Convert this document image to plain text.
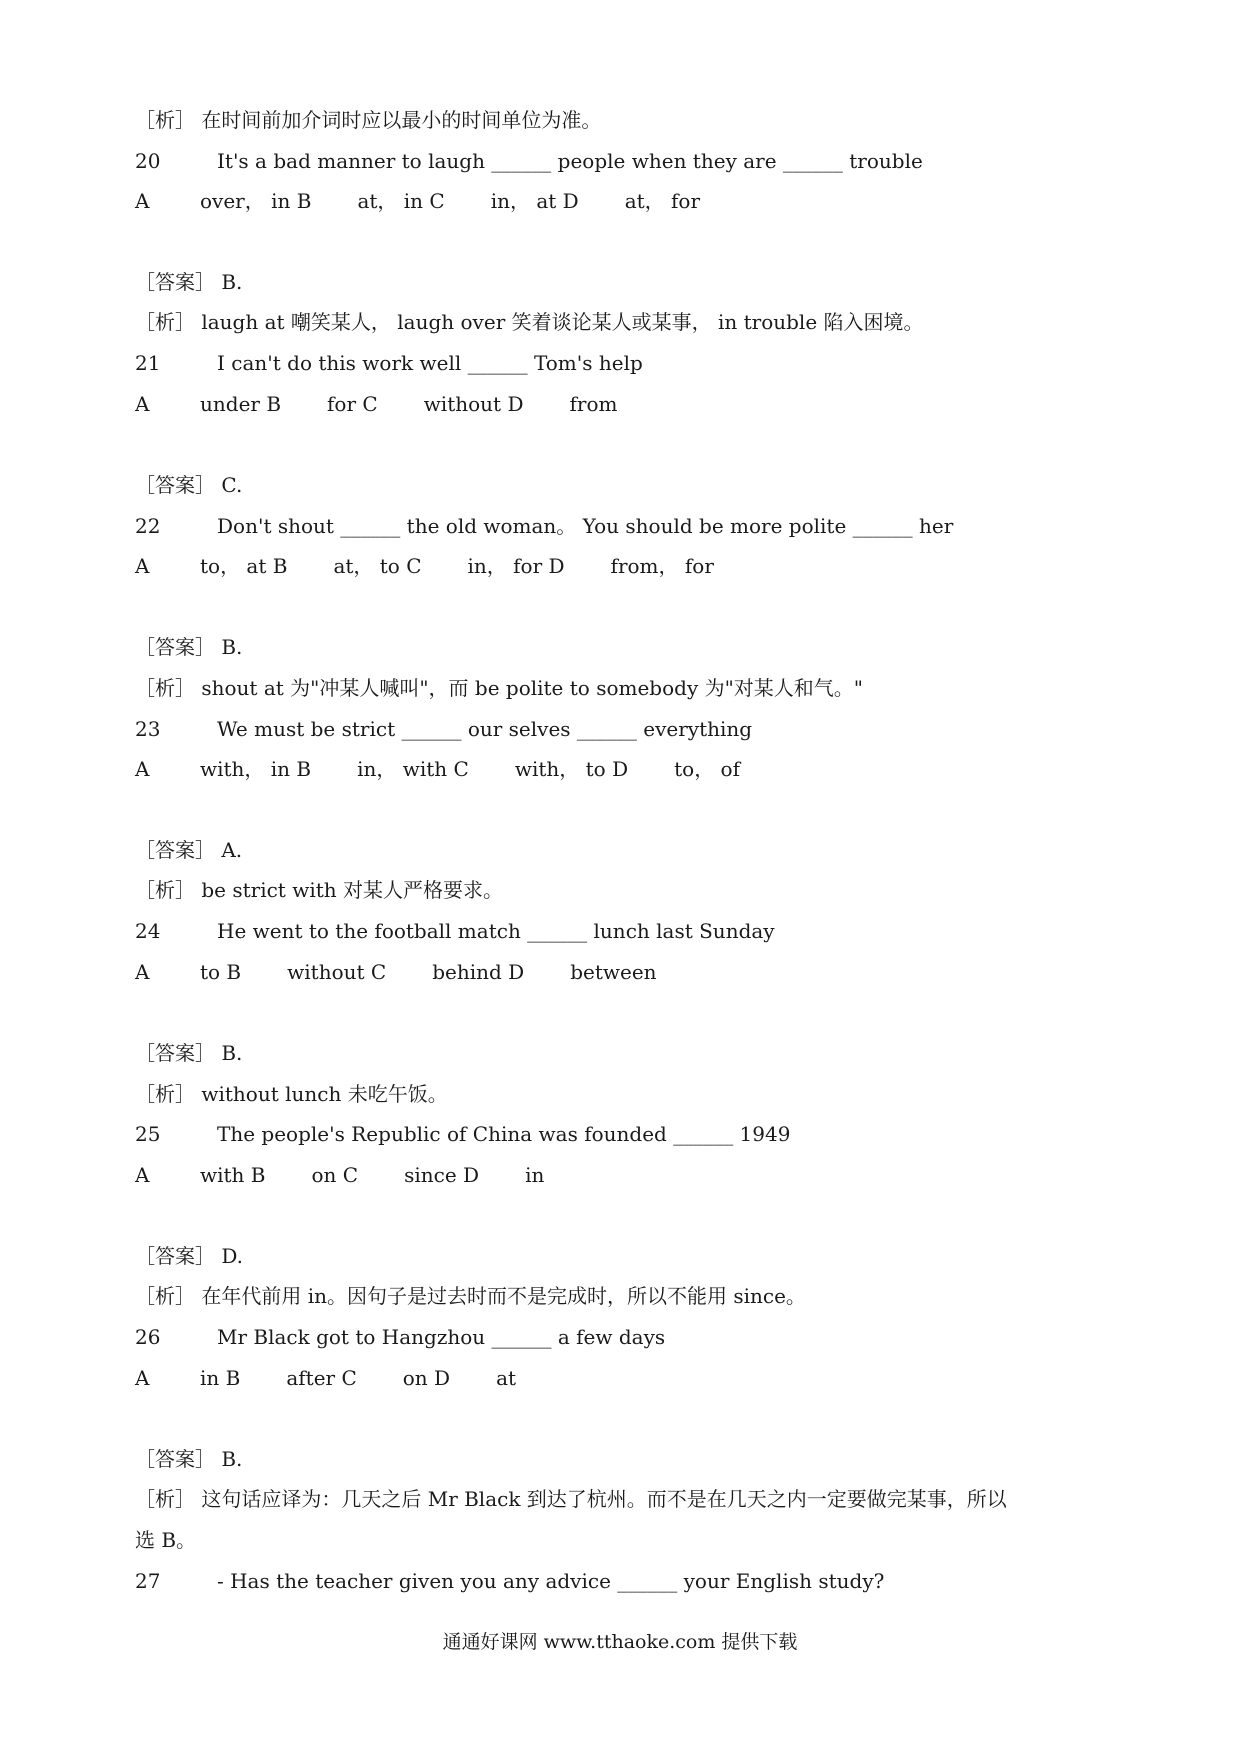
［析］ 在时间前加介词时应以最小的时间单位为准。
20	It's a bad manner to laugh ______ people when they are ______ trouble
A	over， in B at， in C in， at D at， for
［答案］ B.
［析］ laugh at 嘲笑某人， laugh over 笑着谈论某人或某事， in trouble 陷入困境。
21	I can't do this work well ______ Tom's help
A	under B for C without D from
［答案］ C.
22	Don't shout ______ the old woman。 You should be more polite ______ her
A	to， at B at， to C in， for D from， for
［答案］ B.
［析］ shout at 为"冲某人喊叫"，而 be polite to somebody 为"对某人和气。"
23	We must be strict ______ our selves ______ everything
A	with， in B in， with C with， to D to， of
［答案］ A.
［析］ be strict with 对某人严格要求。
24	He went to the football match ______ lunch last Sunday
A	to B without C behind D between
［答案］ B.
［析］ without lunch 未吃午饭。
25	The people's Republic of China was founded ______ 1949
A	with B on C since D in
［答案］ D.
［析］ 在年代前用 in。因句子是过去时而不是完成时，所以不能用 since。
26	Mr Black got to Hangzhou ______ a few days
A	in B after C on D at
［答案］ B.
［析］ 这句话应译为：几天之后 Mr Black 到达了杭州。而不是在几天之内一定要做完某事，所以
选 B。
27	- Has the teacher given you any advice ______ your English study?
通通好课网 www.tthaoke.com 提供下载
